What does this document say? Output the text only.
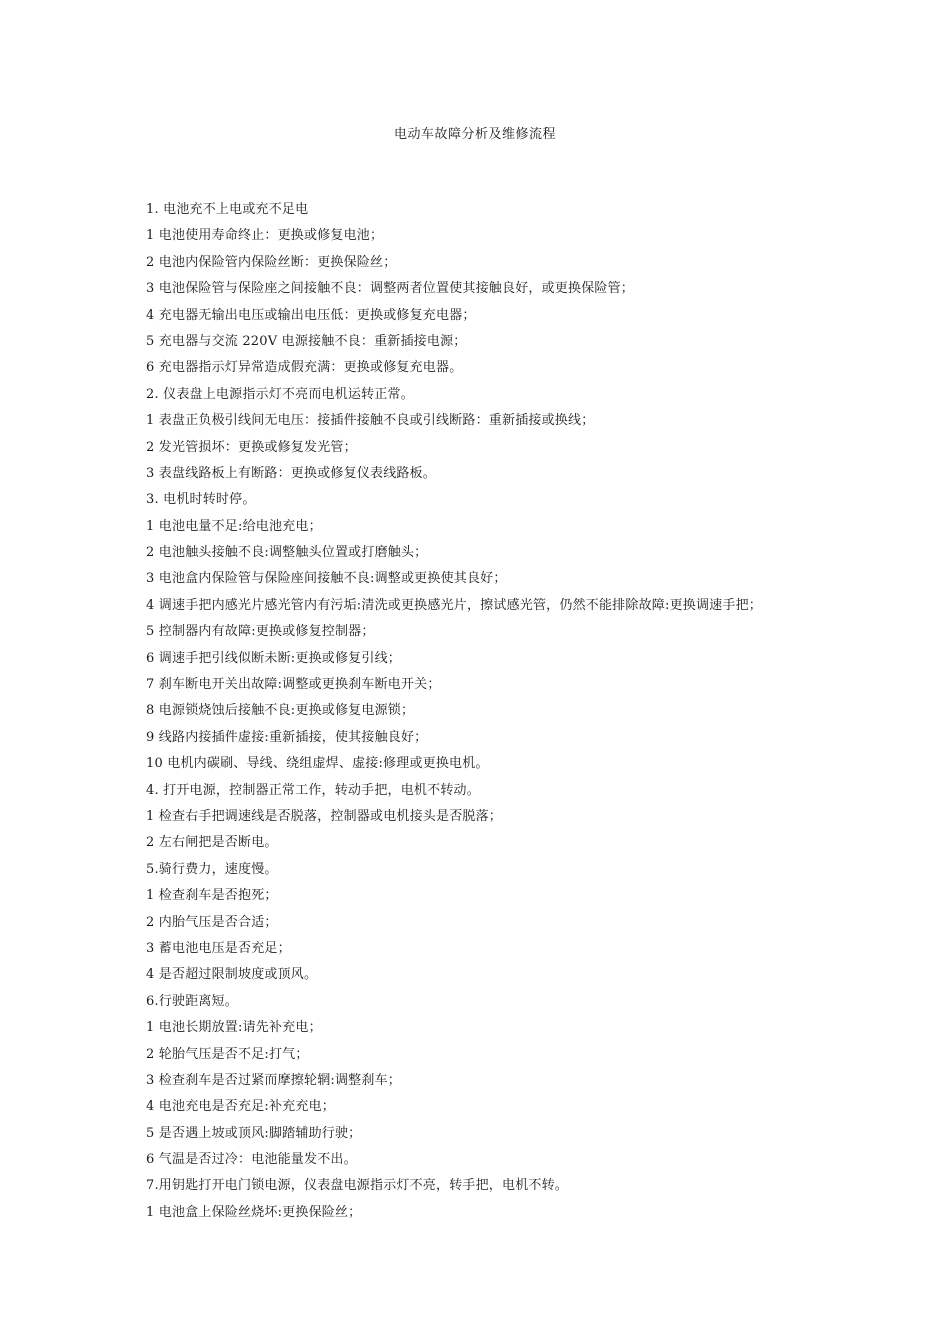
电动车故障分析及维修流程
1. 电池充不上电或充不足电
1 电池使用寿命终止：更换或修复电池；
2 电池内保险管内保险丝断：更换保险丝；
3 电池保险管与保险座之间接触不良：调整两者位置使其接触良好，或更换保险管；
4 充电器无输出电压或输出电压低：更换或修复充电器；
5 充电器与交流 220V 电源接触不良：重新插接电源；
6 充电器指示灯异常造成假充满：更换或修复充电器。
2. 仪表盘上电源指示灯不亮而电机运转正常。
1 表盘正负极引线间无电压：接插件接触不良或引线断路：重新插接或换线；
2 发光管损坏：更换或修复发光管；
3 表盘线路板上有断路：更换或修复仪表线路板。
3. 电机时转时停。
1 电池电量不足:给电池充电；
2 电池触头接触不良:调整触头位置或打磨触头；
3 电池盒内保险管与保险座间接触不良:调整或更换使其良好；
4 调速手把内感光片感光管内有污垢:清洗或更换感光片，擦试感光管，仍然不能排除故障:更换调速手把；
5 控制器内有故障:更换或修复控制器；
6 调速手把引线似断未断:更换或修复引线；
7 刹车断电开关出故障:调整或更换刹车断电开关；
8 电源锁烧蚀后接触不良:更换或修复电源锁；
9 线路内接插件虚接:重新插接，使其接触良好；
10 电机内碳刷、导线、绕组虚焊、虚接:修理或更换电机。
4. 打开电源，控制器正常工作，转动手把，电机不转动。
1 检查右手把调速线是否脱落，控制器或电机接头是否脱落；
2 左右闸把是否断电。
5.骑行费力，速度慢。
1 检查刹车是否抱死；
2 内胎气压是否合适；
3 蓄电池电压是否充足；
4 是否超过限制坡度或顶风。
6.行驶距离短。
1 电池长期放置:请先补充电；
2 轮胎气压是否不足:打气；
3 检查刹车是否过紧而摩擦轮辋:调整刹车；
4 电池充电是否充足:补充充电；
5 是否遇上坡或顶风:脚踏辅助行驶；
6 气温是否过冷：电池能量发不出。
7.用钥匙打开电门锁电源，仪表盘电源指示灯不亮，转手把，电机不转。
1 电池盒上保险丝烧坏:更换保险丝；
